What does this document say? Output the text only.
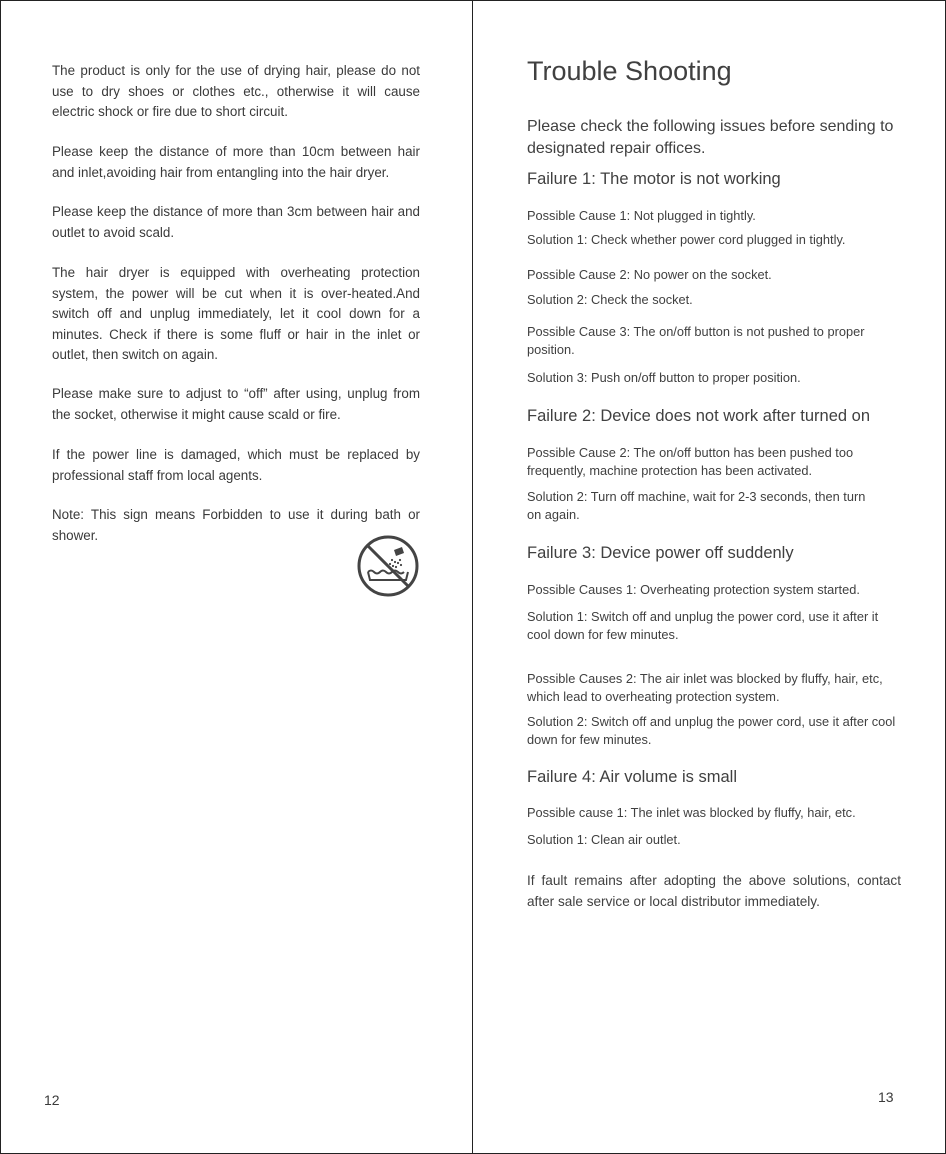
The product is only for the use of drying hair, please do not use to dry shoes or clothes etc., otherwise it will cause electric shock or fire due to short circuit.

Please keep the distance of more than 10cm between hair and inlet,avoiding hair from entangling into the hair dryer.

Please keep the distance of more than 3cm between hair and outlet to avoid scald.

The hair dryer is equipped with overheating protection system, the power will be cut when it is over-heated.And switch off and unplug immediately, let it cool down for a minutes. Check if there is some fluff or hair in the inlet or outlet, then switch on again.

Please make sure to adjust to “off” after using, unplug from the socket, otherwise it might cause scald or fire.

If the power line is damaged, which must be replaced by professional staff from local agents.

Note: This sign means Forbidden to use it during bath or shower.

12
Trouble Shooting

Please check the following issues before sending to designated repair offices.

Failure 1: The motor is not working

Possible Cause 1: Not plugged in tightly.

Solution 1: Check whether power cord plugged in tightly.

Possible Cause 2: No power on the socket.

Solution 2: Check the socket.

Possible Cause 3: The on/off button is not pushed to proper position.

Solution 3: Push on/off button to proper position.

Failure 2: Device does not work after turned on

Possible Cause 2: The on/off button has been pushed too frequently, machine protection has been activated.

Solution 2: Turn off machine, wait for 2-3 seconds, then turn on again.

Failure 3: Device power off suddenly

Possible Causes 1: Overheating protection system started.

Solution 1: Switch off and unplug the power cord, use it after it cool down for few minutes.

Possible Causes 2: The air inlet was blocked by fluffy, hair, etc, which lead to overheating protection system.

Solution 2: Switch off and unplug the power cord, use it after cool down for few minutes.

Failure 4: Air volume is small

Possible cause 1: The inlet was blocked by fluffy, hair, etc.

Solution 1: Clean air outlet.

If fault remains after adopting the above solutions, contact after sale service or local distributor immediately.

13
